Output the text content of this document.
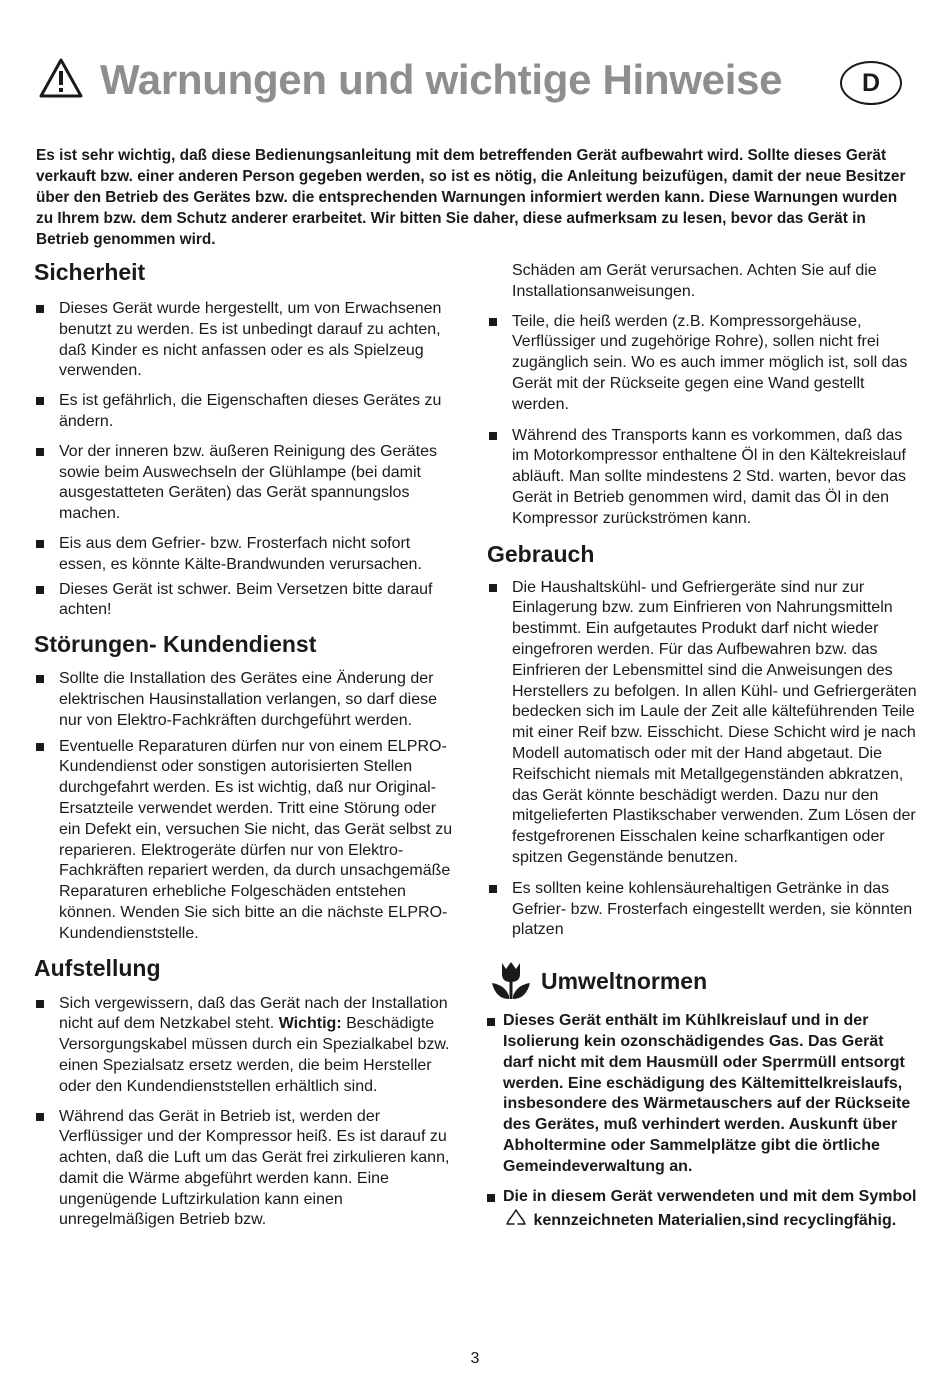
Warnungen und wichtige Hinweise	D

Es ist sehr wichtig, daß diese Bedienungsanleitung mit dem betreffenden Gerät aufbewahrt wird. Sollte dieses Gerät verkauft bzw. einer anderen Person gegeben werden, so ist es nötig, die Anleitung beizufügen, damit der neue Besitzer über den Betrieb des Gerätes bzw. die entsprechenden Warnungen informiert werden kann. Diese Warnungen wurden zu Ihrem bzw. dem Schutz anderer erarbeitet. Wir bitten Sie daher, diese aufmerksam zu lesen, bevor das Gerät in Betrieb genommen wird.

Sicherheit
Dieses Gerät wurde hergestellt, um von Erwachsenen benutzt zu werden. Es ist unbedingt darauf zu achten, daß Kinder es nicht anfassen oder es als Spielzeug verwenden.
Es ist gefährlich, die Eigenschaften dieses Gerätes zu ändern.
Vor der inneren bzw. äußeren Reinigung des Gerätes sowie beim Auswechseln der Glühlampe (bei damit ausgestatteten Geräten) das Gerät spannungslos machen.
Eis aus dem Gefrier- bzw. Frosterfach nicht sofort essen, es könnte Kälte-Brandwunden verursachen.
Dieses Gerät ist schwer. Beim Versetzen bitte darauf achten!
Störungen- Kundendienst
Sollte die Installation des Gerätes eine Änderung der elektrischen Hausinstallation verlangen, so darf diese nur von Elektro-Fachkräften durchgeführt werden.
Eventuelle Reparaturen dürfen nur von einem ELPRO-Kundendienst oder sonstigen autorisierten Stellen durchgefahrt werden. Es ist wichtig, daß nur Original-Ersatzteile verwendet werden. Tritt eine Störung oder ein Defekt ein, versuchen Sie nicht, das Gerät selbst zu reparieren. Elektrogeräte dürfen nur von Elektro-Fachkräften repariert werden, da durch unsachgemäße Reparaturen erhebliche Folgeschäden entstehen können. Wenden Sie sich bitte an die nächste ELPRO-Kundendienststelle.
Aufstellung
Sich vergewissern, daß das Gerät nach der Installation nicht auf dem Netzkabel steht. Wichtig: Beschädigte Versorgungskabel müssen durch ein Spezialkabel bzw. einen Spezialsatz ersetz werden, die beim Hersteller oder den Kundendienststellen erhältlich sind.
Während das Gerät in Betrieb ist, werden der Verflüssiger und der Kompressor heiß. Es ist darauf zu achten, daß die Luft um das Gerät frei zirkulieren kann, damit die Wärme abgeführt werden kann. Eine ungenügende Luftzirkulation kann einen unregelmäßigen Betrieb bzw.

Schäden am Gerät verursachen. Achten Sie auf die Installationsanweisungen.

Teile, die heiß werden (z.B. Kompressorgehäuse, Verflüssiger und zugehörige Rohre), sollen nicht frei zugänglich sein. Wo es auch immer möglich ist, soll das Gerät mit der Rückseite gegen eine Wand gestellt werden.
Während des Transports kann es vorkommen, daß das im Motorkompressor enthaltene Öl in den Kältekreislauf abläuft. Man sollte mindestens 2 Std. warten, bevor das Gerät in Betrieb genommen wird, damit das Öl in den Kompressor zurückströmen kann.
Gebrauch
Die Haushaltskühl- und Gefriergeräte sind nur zur Einlagerung bzw. zum Einfrieren von Nahrungsmitteln bestimmt. Ein aufgetautes Produkt darf nicht wieder eingefroren werden. Für das Aufbewahren bzw. das Einfrieren der Lebensmittel sind die Anweisungen des Herstellers zu befolgen. In allen Kühl- und Gefriergeräten bedecken sich im Laule der Zeit alle kälteführenden Teile mit einer Reif bzw. Eisschicht. Diese Schicht wird je nach Modell automatisch oder mit der Hand abgetaut. Die Reifschicht niemals mit Metallgegenständen abkratzen, das Gerät könnte beschädigt werden. Dazu nur den mitgelieferten Plastikschaber verwenden. Zum Lösen der festgefrorenen Eisschalen keine scharfkantigen oder spitzen Gegenstände benutzen.
Es sollten keine kohlensäurehaltigen Getränke in das Gefrier- bzw. Frosterfach eingestellt werden, sie könnten platzen
Umweltnormen
Dieses Gerät enthält im Kühlkreislauf und in der Isolierung kein ozonschädigendes Gas. Das Gerät darf nicht mit dem Hausmüll oder Sperrmüll entsorgt werden. Eine eschädigung des Kältemittelkreislaufs, insbesondere des Wärmetauschers auf der Rückseite des Gerätes, muß verhindert werden. Auskunft über Abholtermine oder Sammelplätze gibt die örtliche Gemeindeverwaltung an.
Die in diesem Gerät verwendeten und mit dem Symbol  kennzeichneten Materialien,sind recyclingfähig.
3
